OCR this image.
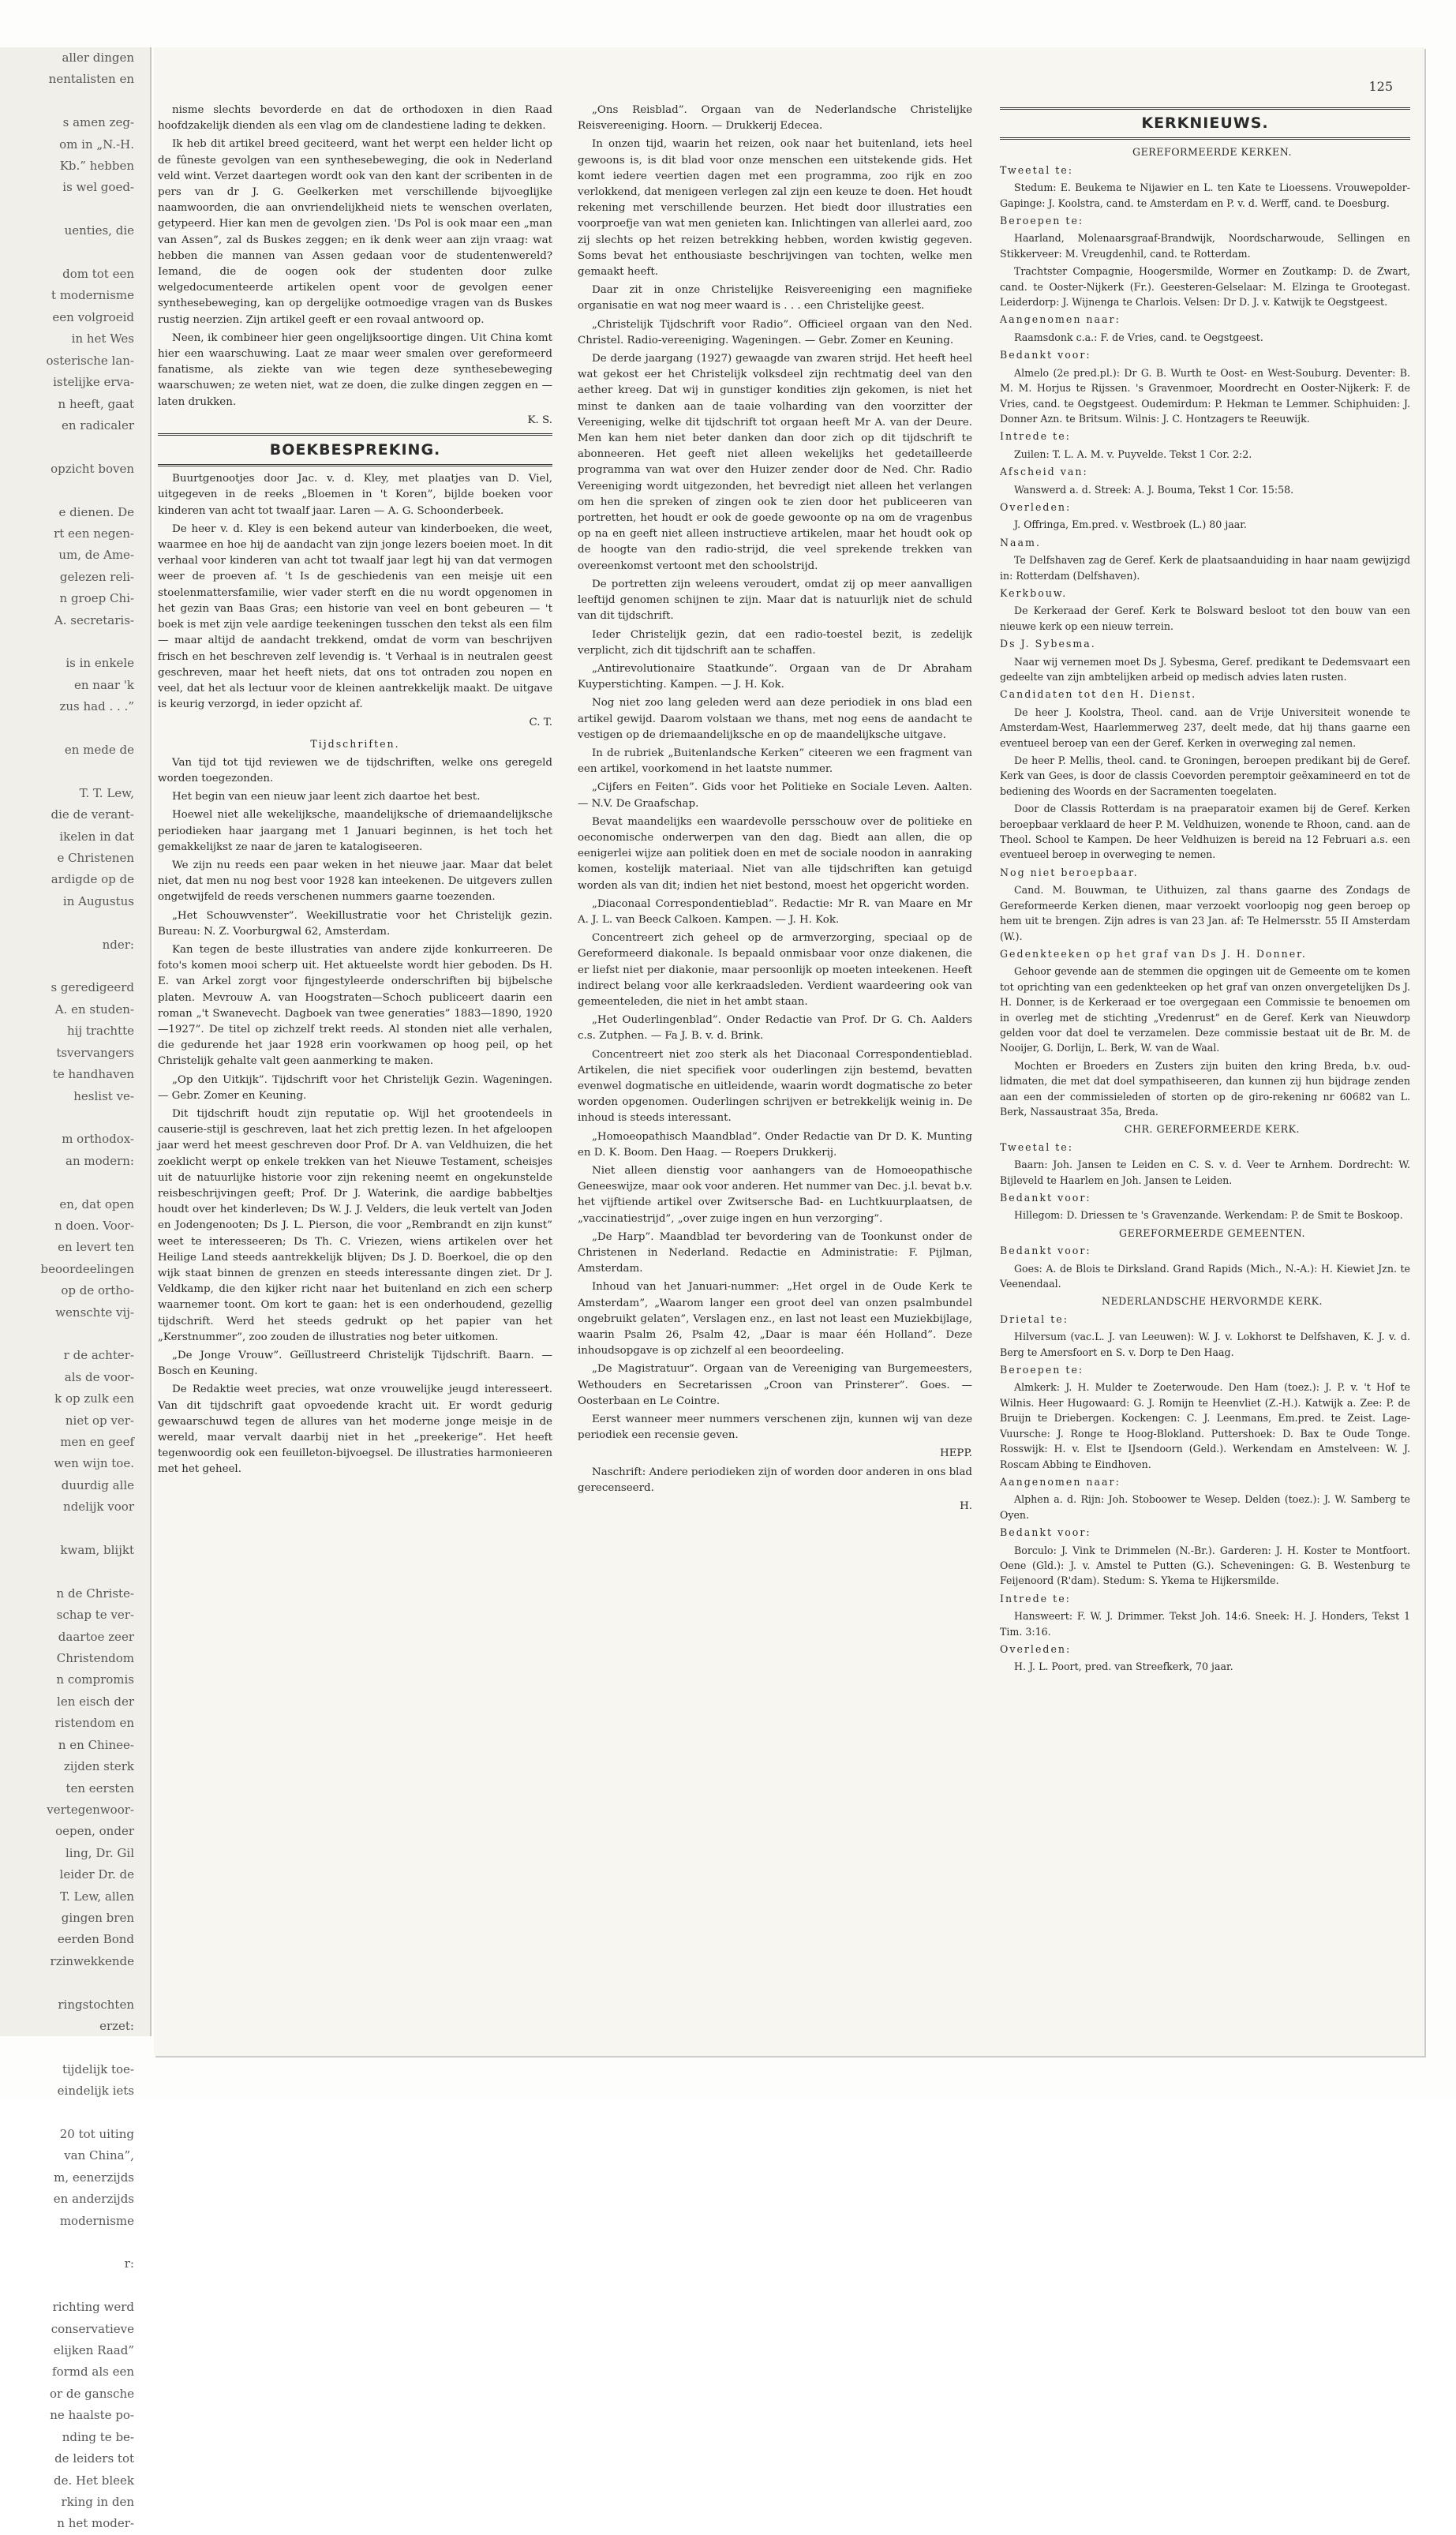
aller dingen
nentalisten en

s amen zeg-
om in „N.-H.
Kb.” hebben
is wel goed-

uenties, die

dom tot een
t modernisme
een volgroeid
in het Wes
osterische lan-
istelijke erva-
n heeft, gaat
en radicaler

opzicht boven

e dienen. De
rt een negen-
um, de Ame-
gelezen reli-
n groep Chi-
A. secretaris-

is in enkele
en naar 'k
zus had . . .”

en mede de

T. T. Lew,
die de verant-
ikelen in dat
e Christenen
ardigde op de
in Augustus

nder:

s geredigeerd
A. en studen-
hij trachtte
tsvervangers
te handhaven
heslist ve-

m orthodox-
an modern:

en, dat open
n doen. Voor-
en levert ten
beoordeelingen
op de ortho-
wenschte vij-

r de achter-
als de voor-
k op zulk een
niet op ver-
men en geef
wen wijn toe.
duurdig alle
ndelijk voor

kwam, blijkt

n de Christe-
schap te ver-
daartoe zeer
Christendom
n compromis
len eisch der
ristendom en
n en Chinee-
zijden sterk
ten eersten
vertegenwoor-
oepen, onder
ling, Dr. Gil
leider Dr. de
T. Lew, allen
gingen bren
eerden Bond
rzinwekkende

ringstochten
erzet:

tijdelijk toe-
eindelijk iets

20 tot uiting
van China”,
m, eenerzijds
en anderzijds
modernisme

r:

richting werd
conservatieve
elijken Raad”
formd als een
or de gansche
ne haalste po-
nding te be-
de leiders tot
de. Het bleek
rking in den
n het moder-
125

nisme slechts bevorderde en dat de orthodoxen in dien Raad hoofdzakelijk dienden als een vlag om de clandestiene lading te dekken.

Ik heb dit artikel breed geciteerd, want het werpt een helder licht op de fûneste gevolgen van een synthesebeweging, die ook in Nederland veld wint. Verzet daartegen wordt ook van den kant der scribenten in de pers van dr J. G. Geelkerken met verschillende bijvoeglijke naamwoorden, die aan onvriendelijkheid niets te wenschen overlaten, getypeerd. Hier kan men de gevolgen zien. 'Ds Pol is ook maar een „man van Assen”, zal ds Buskes zeggen; en ik denk weer aan zijn vraag: wat hebben die mannen van Assen gedaan voor de studentenwereld? Iemand, die de oogen ook der studenten door zulke welgedocumenteerde artikelen opent voor de gevolgen eener synthesebeweging, kan op dergelijke ootmoedige vragen van ds Buskes rustig neerzien. Zijn artikel geeft er een rovaal antwoord op.

Neen, ik combineer hier geen ongelijksoortige dingen. Uit China komt hier een waarschuwing. Laat ze maar weer smalen over gereformeerd fanatisme, als ziekte van wie tegen deze synthesebeweging waarschuwen; ze weten niet, wat ze doen, die zulke dingen zeggen en — laten drukken.

K. S.

BOEKBESPREKING.

Buurtgenootjes door Jac. v. d. Kley, met plaatjes van D. Viel, uitgegeven in de reeks „Bloemen in 't Koren”, bijlde boeken voor kinderen van acht tot twaalf jaar. Laren — A. G. Schoonderbeek.

De heer v. d. Kley is een bekend auteur van kinderboeken, die weet, waarmee en hoe hij de aandacht van zijn jonge lezers boeien moet. In dit verhaal voor kinderen van acht tot twaalf jaar legt hij van dat vermogen weer de proeven af. 't Is de geschiedenis van een meisje uit een stoelenmattersfamilie, wier vader sterft en die nu wordt opgenomen in het gezin van Baas Gras; een historie van veel en bont gebeuren — 't boek is met zijn vele aardige teekeningen tusschen den tekst als een film — maar altijd de aandacht trekkend, omdat de vorm van beschrijven frisch en het beschreven zelf levendig is. 't Verhaal is in neutralen geest geschreven, maar het heeft niets, dat ons tot ontraden zou nopen en veel, dat het als lectuur voor de kleinen aantrekkelijk maakt. De uitgave is keurig verzorgd, in ieder opzicht af.

C. T.

Tijdschriften.

Van tijd tot tijd reviewen we de tijdschriften, welke ons geregeld worden toegezonden.

Het begin van een nieuw jaar leent zich daartoe het best.

Hoewel niet alle wekelijksche, maandelijksche of driemaandelijksche periodieken haar jaargang met 1 Januari beginnen, is het toch het gemakkelijkst ze naar de jaren te katalogiseeren.

We zijn nu reeds een paar weken in het nieuwe jaar. Maar dat belet niet, dat men nu nog best voor 1928 kan inteekenen. De uitgevers zullen ongetwijfeld de reeds verschenen nummers gaarne toezenden.

„Het Schouwvenster”. Weekillustratie voor het Christelijk gezin. Bureau: N. Z. Voorburgwal 62, Amsterdam.

Kan tegen de beste illustraties van andere zijde konkurreeren. De foto's komen mooi scherp uit. Het aktueelste wordt hier geboden. Ds H. E. van Arkel zorgt voor fijngestyleerde onderschriften bij bijbelsche platen. Mevrouw A. van Hoogstraten—Schoch publiceert daarin een roman „'t Swanevecht. Dagboek van twee generaties” 1883—1890, 1920—1927”. De titel op zichzelf trekt reeds. Al stonden niet alle verhalen, die gedurende het jaar 1928 erin voorkwamen op hoog peil, op het Christelijk gehalte valt geen aanmerking te maken.

„Op den Uitkijk”. Tijdschrift voor het Christelijk Gezin. Wageningen. — Gebr. Zomer en Keuning.

Dit tijdschrift houdt zijn reputatie op. Wijl het grootendeels in causerie-stijl is geschreven, laat het zich prettig lezen. In het afgeloopen jaar werd het meest geschreven door Prof. Dr A. van Veldhuizen, die het zoeklicht werpt op enkele trekken van het Nieuwe Testament, scheisjes uit de natuurlijke historie voor zijn rekening neemt en ongekunstelde reisbeschrijvingen geeft; Prof. Dr J. Waterink, die aardige babbeltjes houdt over het kinderleven; Ds W. J. J. Velders, die leuk vertelt van Joden en Jodengenooten; Ds J. L. Pierson, die voor „Rembrandt en zijn kunst” weet te interesseeren; Ds Th. C. Vriezen, wiens artikelen over het Heilige Land steeds aantrekkelijk blijven; Ds J. D. Boerkoel, die op den wijk staat binnen de grenzen en steeds interessante dingen ziet. Dr J. Veldkamp, die den kijker richt naar het buitenland en zich een scherp waarnemer toont. Om kort te gaan: het is een onderhoudend, gezellig tijdschrift. Werd het steeds gedrukt op het papier van het „Kerstnummer”, zoo zouden de illustraties nog beter uitkomen.

„De Jonge Vrouw”. Geïllustreerd Christelijk Tijdschrift. Baarn. — Bosch en Keuning.

De Redaktie weet precies, wat onze vrouwelijke jeugd interesseert. Van dit tijdschrift gaat opvoedende kracht uit. Er wordt gedurig gewaarschuwd tegen de allures van het moderne jonge meisje in de wereld, maar vervalt daarbij niet in het „preekerige”. Het heeft tegenwoordig ook een feuilleton-bijvoegsel. De illustraties harmonieeren met het geheel.

„Ons Reisblad”. Orgaan van de Nederlandsche Christelijke Reisvereeniging. Hoorn. — Drukkerij Edecea.

In onzen tijd, waarin het reizen, ook naar het buitenland, iets heel gewoons is, is dit blad voor onze menschen een uitstekende gids. Het komt iedere veertien dagen met een programma, zoo rijk en zoo verlokkend, dat menigeen verlegen zal zijn een keuze te doen. Het houdt rekening met verschillende beurzen. Het biedt door illustraties een voorproefje van wat men genieten kan. Inlichtingen van allerlei aard, zoo zij slechts op het reizen betrekking hebben, worden kwistig gegeven. Soms bevat het enthousiaste beschrijvingen van tochten, welke men gemaakt heeft.

Daar zit in onze Christelijke Reisvereeniging een magnifieke organisatie en wat nog meer waard is . . . een Christelijke geest.

„Christelijk Tijdschrift voor Radio”. Officieel orgaan van den Ned. Christel. Radio-vereeniging. Wageningen. — Gebr. Zomer en Keuning.

De derde jaargang (1927) gewaagde van zwaren strijd. Het heeft heel wat gekost eer het Christelijk volksdeel zijn rechtmatig deel van den aether kreeg. Dat wij in gunstiger kondities zijn gekomen, is niet het minst te danken aan de taaie volharding van den voorzitter der Vereeniging, welke dit tijdschrift tot orgaan heeft Mr A. van der Deure. Men kan hem niet beter danken dan door zich op dit tijdschrift te abonneeren. Het geeft niet alleen wekelijks het gedetailleerde programma van wat over den Huizer zender door de Ned. Chr. Radio Vereeniging wordt uitgezonden, het bevredigt niet alleen het verlangen om hen die spreken of zingen ook te zien door het publiceeren van portretten, het houdt er ook de goede gewoonte op na om de vragenbus op na en geeft niet alleen instructieve artikelen, maar het houdt ook op de hoogte van den radio-strijd, die veel sprekende trekken van overeenkomst vertoont met den schoolstrijd.

De portretten zijn weleens veroudert, omdat zij op meer aanvalligen leeftijd genomen schijnen te zijn. Maar dat is natuurlijk niet de schuld van dit tijdschrift.

Ieder Christelijk gezin, dat een radio-toestel bezit, is zedelijk verplicht, zich dit tijdschrift aan te schaffen.

„Antirevolutionaire Staatkunde”. Orgaan van de Dr Abraham Kuyperstichting. Kampen. — J. H. Kok.

Nog niet zoo lang geleden werd aan deze periodiek in ons blad een artikel gewijd. Daarom volstaan we thans, met nog eens de aandacht te vestigen op de driemaandelijksche en op de maandelijksche uitgave.

In de rubriek „Buitenlandsche Kerken” citeeren we een fragment van een artikel, voorkomend in het laatste nummer.

„Cijfers en Feiten”. Gids voor het Politieke en Sociale Leven. Aalten. — N.V. De Graafschap.

Bevat maandelijks een waardevolle persschouw over de politieke en oeconomische onderwerpen van den dag. Biedt aan allen, die op eenigerlei wijze aan politiek doen en met de sociale noodon in aanraking komen, kostelijk materiaal. Niet van alle tijdschriften kan getuigd worden als van dit; indien het niet bestond, moest het opgericht worden.

„Diaconaal Correspondentieblad”. Redactie: Mr R. van Maare en Mr A. J. L. van Beeck Calkoen. Kampen. — J. H. Kok.

Concentreert zich geheel op de armverzorging, speciaal op de Gereformeerd diakonale. Is bepaald onmisbaar voor onze diakenen, die er liefst niet per diakonie, maar persoonlijk op moeten inteekenen. Heeft indirect belang voor alle kerkraadsleden. Verdient waardeering ook van gemeenteleden, die niet in het ambt staan.

„Het Ouderlingenblad”. Onder Redactie van Prof. Dr G. Ch. Aalders c.s. Zutphen. — Fa J. B. v. d. Brink.

Concentreert niet zoo sterk als het Diaconaal Correspondentieblad. Artikelen, die niet specifiek voor ouderlingen zijn bestemd, bevatten evenwel dogmatische en uitleidende, waarin wordt dogmatische zo beter worden opgenomen. Ouderlingen schrijven er betrekkelijk weinig in. De inhoud is steeds interessant.

„Homoeopathisch Maandblad”. Onder Redactie van Dr D. K. Munting en D. K. Boom. Den Haag. — Roepers Drukkerij.

Niet alleen dienstig voor aanhangers van de Homoeopathische Geneeswijze, maar ook voor anderen. Het nummer van Dec. j.l. bevat b.v. het vijftiende artikel over Zwitsersche Bad- en Luchtkuurplaatsen, de „vaccinatiestrijd”, „over zuige ingen en hun verzorging”.

„De Harp”. Maandblad ter bevordering van de Toonkunst onder de Christenen in Nederland. Redactie en Administratie: F. Pijlman, Amsterdam.

Inhoud van het Januari-nummer: „Het orgel in de Oude Kerk te Amsterdam”, „Waarom langer een groot deel van onzen psalmbundel ongebruikt gelaten”, Verslagen enz., en last not least een Muziekbijlage, waarin Psalm 26, Psalm 42, „Daar is maar één Holland”. Deze inhoudsopgave is op zichzelf al een beoordeeling.

„De Magistratuur”. Orgaan van de Vereeniging van Burgemeesters, Wethouders en Secretarissen „Croon van Prinsterer”. Goes. — Oosterbaan en Le Cointre.

Eerst wanneer meer nummers verschenen zijn, kunnen wij van deze periodiek een recensie geven.

HEPP.

Naschrift: Andere periodieken zijn of worden door anderen in ons blad gerecenseerd.

H.

KERKNIEUWS.

GEREFORMEERDE KERKEN.

Tweetal te:

Stedum: E. Beukema te Nijawier en L. ten Kate te Lioessens. Vrouwepolder-Gapinge: J. Koolstra, cand. te Amsterdam en P. v. d. Werff, cand. te Doesburg.

Beroepen te:

Haarland, Molenaarsgraaf-Brandwijk, Noordscharwoude, Sellingen en Stikkerveer: M. Vreugdenhil, cand. te Rotterdam.

Trachtster Compagnie, Hoogersmilde, Wormer en Zoutkamp: D. de Zwart, cand. te Ooster-Nijkerk (Fr.). Geesteren-Gelselaar: M. Elzinga te Grootegast. Leiderdorp: J. Wijnenga te Charlois. Velsen: Dr D. J. v. Katwijk te Oegstgeest.

Aangenomen naar:

Raamsdonk c.a.: F. de Vries, cand. te Oegstgeest.

Bedankt voor:

Almelo (2e pred.pl.): Dr G. B. Wurth te Oost- en West-Souburg. Deventer: B. M. M. Horjus te Rijssen. 's Gravenmoer, Moordrecht en Ooster-Nijkerk: F. de Vries, cand. te Oegstgeest. Oudemirdum: P. Hekman te Lemmer. Schiphuiden: J. Donner Azn. te Britsum. Wilnis: J. C. Hontzagers te Reeuwijk.

Intrede te:

Zuilen: T. L. A. M. v. Puyvelde. Tekst 1 Cor. 2:2.

Afscheid van:

Wanswerd a. d. Streek: A. J. Bouma, Tekst 1 Cor. 15:58.

Overleden:

J. Offringa, Em.pred. v. Westbroek (L.) 80 jaar.

Naam.

Te Delfshaven zag de Geref. Kerk de plaatsaanduiding in haar naam gewijzigd in: Rotterdam (Delfshaven).

Kerkbouw.

De Kerkeraad der Geref. Kerk te Bolsward besloot tot den bouw van een nieuwe kerk op een nieuw terrein.

Ds J. Sybesma.

Naar wij vernemen moet Ds J. Sybesma, Geref. predikant te Dedemsvaart een gedeelte van zijn ambtelijken arbeid op medisch advies laten rusten.

Candidaten tot den H. Dienst.

De heer J. Koolstra, Theol. cand. aan de Vrije Universiteit wonende te Amsterdam-West, Haarlemmerweg 237, deelt mede, dat hij thans gaarne een eventueel beroep van een der Geref. Kerken in overweging zal nemen.

De heer P. Mellis, theol. cand. te Groningen, beroepen predikant bij de Geref. Kerk van Gees, is door de classis Coevorden peremptoir geëxamineerd en tot de bediening des Woords en der Sacramenten toegelaten.

Door de Classis Rotterdam is na praeparatoir examen bij de Geref. Kerken beroepbaar verklaard de heer P. M. Veldhuizen, wonende te Rhoon, cand. aan de Theol. School te Kampen. De heer Veldhuizen is bereid na 12 Februari a.s. een eventueel beroep in overweging te nemen.

Nog niet beroepbaar.

Cand. M. Bouwman, te Uithuizen, zal thans gaarne des Zondags de Gereformeerde Kerken dienen, maar verzoekt voorloopig nog geen beroep op hem uit te brengen. Zijn adres is van 23 Jan. af: Te Helmersstr. 55 II Amsterdam (W.).

Gedenkteeken op het graf van Ds J. H. Donner.

Gehoor gevende aan de stemmen die opgingen uit de Gemeente om te komen tot oprichting van een gedenkteeken op het graf van onzen onvergetelijken Ds J. H. Donner, is de Kerkeraad er toe overgegaan een Commissie te benoemen om in overleg met de stichting „Vredenrust” en de Geref. Kerk van Nieuwdorp gelden voor dat doel te verzamelen. Deze commissie bestaat uit de Br. M. de Nooijer, G. Dorlijn, L. Berk, W. van de Waal.

Mochten er Broeders en Zusters zijn buiten den kring Breda, b.v. oud-lidmaten, die met dat doel sympathiseeren, dan kunnen zij hun bijdrage zenden aan een der commissieleden of storten op de giro-rekening nr 60682 van L. Berk, Nassaustraat 35a, Breda.

CHR. GEREFORMEERDE KERK.

Tweetal te:

Baarn: Joh. Jansen te Leiden en C. S. v. d. Veer te Arnhem. Dordrecht: W. Bijleveld te Haarlem en Joh. Jansen te Leiden.

Bedankt voor:

Hillegom: D. Driessen te 's Gravenzande. Werkendam: P. de Smit te Boskoop.

GEREFORMEERDE GEMEENTEN.

Bedankt voor:

Goes: A. de Blois te Dirksland. Grand Rapids (Mich., N.-A.): H. Kiewiet Jzn. te Veenendaal.

NEDERLANDSCHE HERVORMDE KERK.

Drietal te:

Hilversum (vac.L. J. van Leeuwen): W. J. v. Lokhorst te Delfshaven, K. J. v. d. Berg te Amersfoort en S. v. Dorp te Den Haag.

Beroepen te:

Almkerk: J. H. Mulder te Zoeterwoude. Den Ham (toez.): J. P. v. 't Hof te Wilnis. Heer Hugowaard: G. J. Romijn te Heenvliet (Z.-H.). Katwijk a. Zee: P. de Bruijn te Driebergen. Kockengen: C. J. Leenmans, Em.pred. te Zeist. Lage-Vuursche: J. Ronge te Hoog-Blokland. Puttershoek: D. Bax te Oude Tonge. Rosswijk: H. v. Elst te IJsendoorn (Geld.). Werkendam en Amstelveen: W. J. Roscam Abbing te Eindhoven.

Aangenomen naar:

Alphen a. d. Rijn: Joh. Stoboower te Wesep. Delden (toez.): J. W. Samberg te Oyen.

Bedankt voor:

Borculo: J. Vink te Drimmelen (N.-Br.). Garderen: J. H. Koster te Montfoort. Oene (Gld.): J. v. Amstel te Putten (G.). Scheveningen: G. B. Westenburg te Feijenoord (R'dam). Stedum: S. Ykema te Hijkersmilde.

Intrede te:

Hansweert: F. W. J. Drimmer. Tekst Joh. 14:6. Sneek: H. J. Honders, Tekst 1 Tim. 3:16.

Overleden:

H. J. L. Poort, pred. van Streefkerk, 70 jaar.
